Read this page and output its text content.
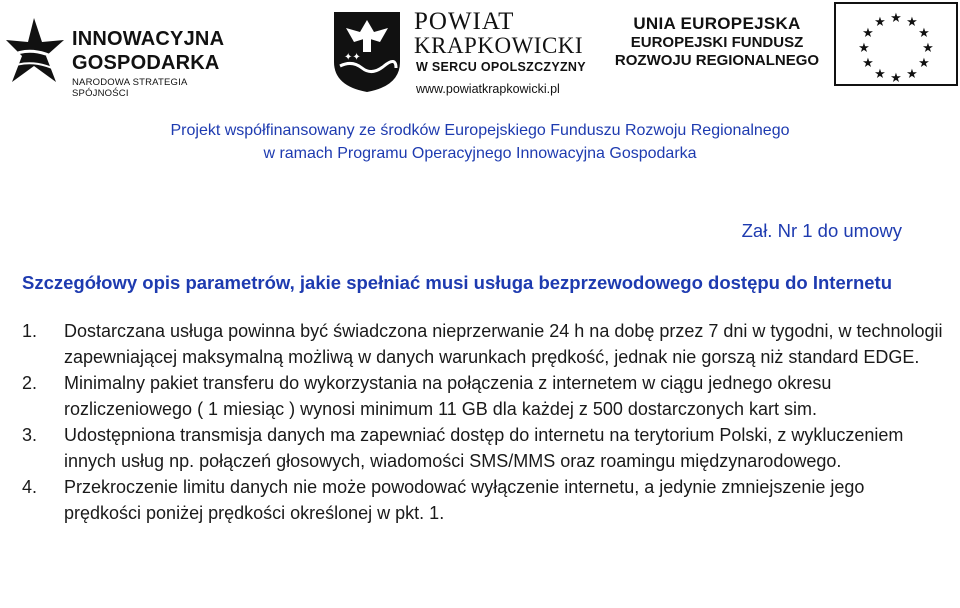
INNOWACYJNA
GOSPODARKA
NARODOWA STRATEGIA SPÓJNOŚCI
✦✦
POWIAT
KRAPKOWICKI
W SERCU OPOLSZCZYZNY
www.powiatkrapkowicki.pl
UNIA EUROPEJSKA
EUROPEJSKI FUNDUSZ
ROZWOJU REGIONALNEGO
★ ★
★
★
★
★
★
★
★
★
★
★
Projekt współfinansowany ze środków Europejskiego Funduszu Rozwoju Regionalnego
w ramach Programu Operacyjnego Innowacyjna Gospodarka
Zał. Nr 1 do umowy
Szczegółowy opis parametrów, jakie spełniać musi usługa bezprzewodowego dostępu do Internetu
1.	Dostarczana usługa powinna być świadczona nieprzerwanie 24 h na dobę przez 7 dni w tygodni, w technologii zapewniającej maksymalną możliwą w danych warunkach prędkość, jednak nie gorszą niż standard EDGE.
2.	Minimalny pakiet transferu do wykorzystania na połączenia z internetem w ciągu jednego okresu rozliczeniowego ( 1 miesiąc ) wynosi minimum 11 GB dla każdej z 500 dostarczonych kart sim.
3.	Udostępniona transmisja danych ma zapewniać dostęp do internetu na terytorium Polski, z wykluczeniem innych usług np. połączeń głosowych, wiadomości SMS/MMS oraz roamingu międzynarodowego.
4.	Przekroczenie limitu danych nie może powodować wyłączenie internetu, a jedynie zmniejszenie jego prędkości poniżej prędkości określonej w pkt. 1.
